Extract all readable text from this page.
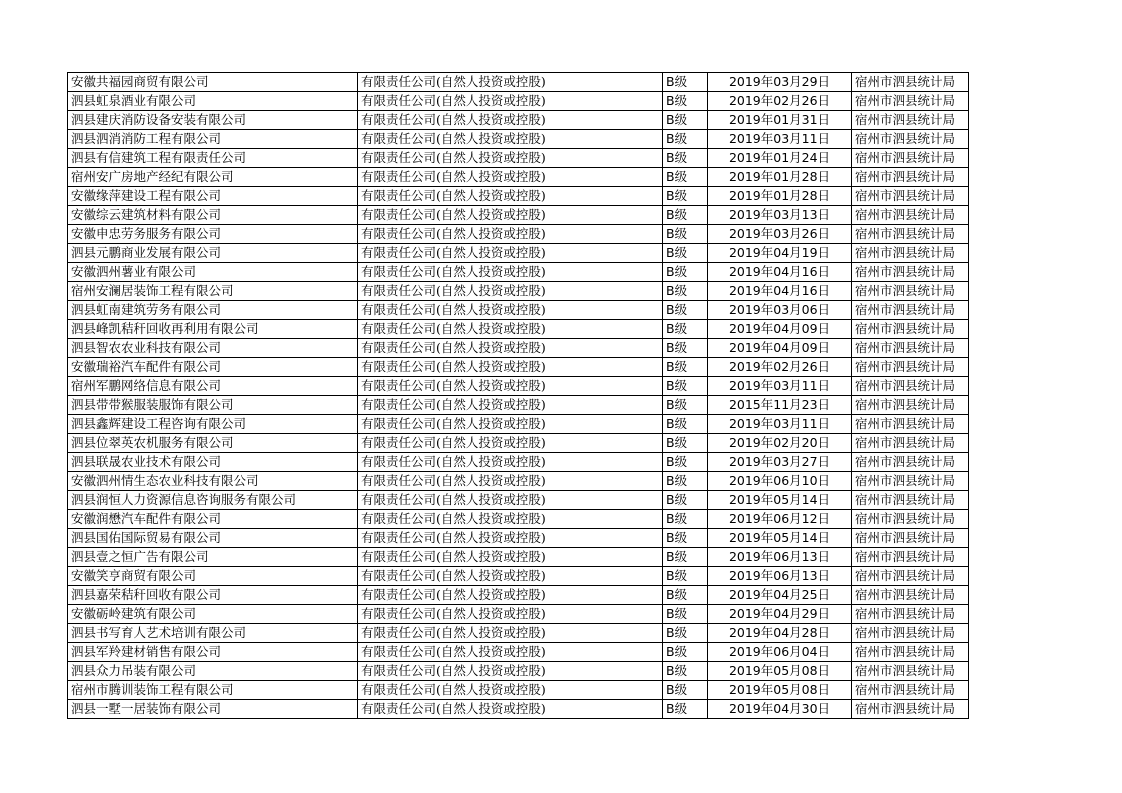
安徽共福园商贸有限公司	有限责任公司(自然人投资或控股)	B级	2019年03月29日	宿州市泗县统计局
泗县虹泉酒业有限公司	有限责任公司(自然人投资或控股)	B级	2019年02月26日	宿州市泗县统计局
泗县建庆消防设备安装有限公司	有限责任公司(自然人投资或控股)	B级	2019年01月31日	宿州市泗县统计局
泗县泗消消防工程有限公司	有限责任公司(自然人投资或控股)	B级	2019年03月11日	宿州市泗县统计局
泗县有信建筑工程有限责任公司	有限责任公司(自然人投资或控股)	B级	2019年01月24日	宿州市泗县统计局
宿州安广房地产经纪有限公司	有限责任公司(自然人投资或控股)	B级	2019年01月28日	宿州市泗县统计局
安徽缘萍建设工程有限公司	有限责任公司(自然人投资或控股)	B级	2019年01月28日	宿州市泗县统计局
安徽综云建筑材料有限公司	有限责任公司(自然人投资或控股)	B级	2019年03月13日	宿州市泗县统计局
安徽申忠劳务服务有限公司	有限责任公司(自然人投资或控股)	B级	2019年03月26日	宿州市泗县统计局
泗县元鹏商业发展有限公司	有限责任公司(自然人投资或控股)	B级	2019年04月19日	宿州市泗县统计局
安徽泗州薯业有限公司	有限责任公司(自然人投资或控股)	B级	2019年04月16日	宿州市泗县统计局
宿州安澜居装饰工程有限公司	有限责任公司(自然人投资或控股)	B级	2019年04月16日	宿州市泗县统计局
泗县虹南建筑劳务有限公司	有限责任公司(自然人投资或控股)	B级	2019年03月06日	宿州市泗县统计局
泗县峰凯秸秆回收再利用有限公司	有限责任公司(自然人投资或控股)	B级	2019年04月09日	宿州市泗县统计局
泗县智农农业科技有限公司	有限责任公司(自然人投资或控股)	B级	2019年04月09日	宿州市泗县统计局
安徽瑞裕汽车配件有限公司	有限责任公司(自然人投资或控股)	B级	2019年02月26日	宿州市泗县统计局
宿州军鹏网络信息有限公司	有限责任公司(自然人投资或控股)	B级	2019年03月11日	宿州市泗县统计局
泗县带带猴服装服饰有限公司	有限责任公司(自然人投资或控股)	B级	2015年11月23日	宿州市泗县统计局
泗县鑫辉建设工程咨询有限公司	有限责任公司(自然人投资或控股)	B级	2019年03月11日	宿州市泗县统计局
泗县位翠英农机服务有限公司	有限责任公司(自然人投资或控股)	B级	2019年02月20日	宿州市泗县统计局
泗县联晟农业技术有限公司	有限责任公司(自然人投资或控股)	B级	2019年03月27日	宿州市泗县统计局
安徽泗州情生态农业科技有限公司	有限责任公司(自然人投资或控股)	B级	2019年06月10日	宿州市泗县统计局
泗县润恒人力资源信息咨询服务有限公司	有限责任公司(自然人投资或控股)	B级	2019年05月14日	宿州市泗县统计局
安徽润懋汽车配件有限公司	有限责任公司(自然人投资或控股)	B级	2019年06月12日	宿州市泗县统计局
泗县国佑国际贸易有限公司	有限责任公司(自然人投资或控股)	B级	2019年05月14日	宿州市泗县统计局
泗县壹之恒广告有限公司	有限责任公司(自然人投资或控股)	B级	2019年06月13日	宿州市泗县统计局
安徽笑亨商贸有限公司	有限责任公司(自然人投资或控股)	B级	2019年06月13日	宿州市泗县统计局
泗县嘉荣秸秆回收有限公司	有限责任公司(自然人投资或控股)	B级	2019年04月25日	宿州市泗县统计局
安徽砺岭建筑有限公司	有限责任公司(自然人投资或控股)	B级	2019年04月29日	宿州市泗县统计局
泗县书写育人艺术培训有限公司	有限责任公司(自然人投资或控股)	B级	2019年04月28日	宿州市泗县统计局
泗县军羚建材销售有限公司	有限责任公司(自然人投资或控股)	B级	2019年06月04日	宿州市泗县统计局
泗县众力吊装有限公司	有限责任公司(自然人投资或控股)	B级	2019年05月08日	宿州市泗县统计局
宿州市腾训装饰工程有限公司	有限责任公司(自然人投资或控股)	B级	2019年05月08日	宿州市泗县统计局
泗县一墅一居装饰有限公司	有限责任公司(自然人投资或控股)	B级	2019年04月30日	宿州市泗县统计局
